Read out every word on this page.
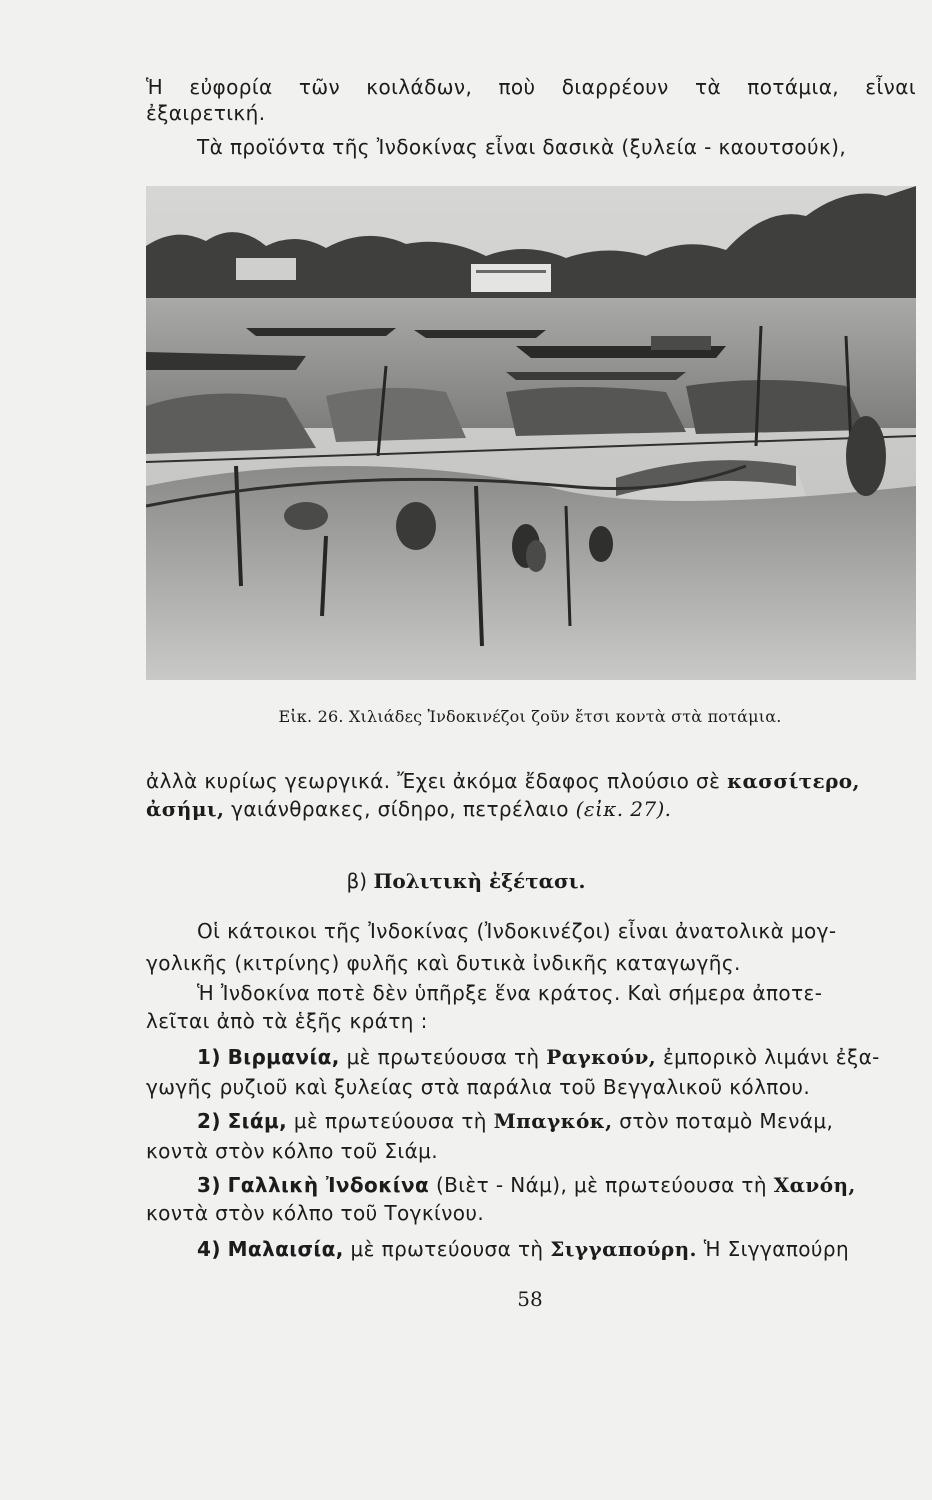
Ἡ εὐφορία τῶν κοιλάδων, ποὺ διαρρέουν τὰ ποτάμια, εἶναι
ἐξαιρετική.
Τὰ προϊόντα τῆς Ἰνδοκίνας εἶναι δασικὰ (ξυλεία - καουτσούκ),
Εἰκ. 26. Χιλιάδες Ἰνδοκινέζοι ζοῦν ἔτσι κοντὰ στὰ ποτάμια.
ἀλλὰ κυρίως γεωργικά. Ἔχει ἀκόμα ἔδαφος πλούσιο σὲ κασσίτερο,
ἀσήμι, γαιάνθρακες, σίδηρο, πετρέλαιο (εἰκ. 27).
β) Πολιτικὴ ἐξέτασι.
Οἱ κάτοικοι τῆς Ἰνδοκίνας (Ἰνδοκινέζοι) εἶναι ἀνατολικὰ μογ-
γολικῆς (κιτρίνης) φυλῆς καὶ δυτικὰ ἰνδικῆς καταγωγῆς.
Ἡ Ἰνδοκίνα ποτὲ δὲν ὑπῆρξε ἕνα κράτος. Καὶ σήμερα ἀποτε-
λεῖται ἀπὸ τὰ ἑξῆς κράτη :
1) Βιρμανία, μὲ πρωτεύουσα τὴ Ραγκούν, ἐμπορικὸ λιμάνι ἐξα-
γωγῆς ρυζιοῦ καὶ ξυλείας στὰ παράλια τοῦ Βεγγαλικοῦ κόλπου.
2) Σιάμ, μὲ πρωτεύουσα τὴ Μπαγκόκ, στὸν ποταμὸ Μενάμ,
κοντὰ στὸν κόλπο τοῦ Σιάμ.
3) Γαλλικὴ Ἰνδοκίνα (Βιὲτ - Νάμ), μὲ πρωτεύουσα τὴ Χανόη,
κοντὰ στὸν κόλπο τοῦ Τογκίνου.
4) Μαλαισία, μὲ πρωτεύουσα τὴ Σιγγαπούρη. Ἡ Σιγγαπούρη
58
